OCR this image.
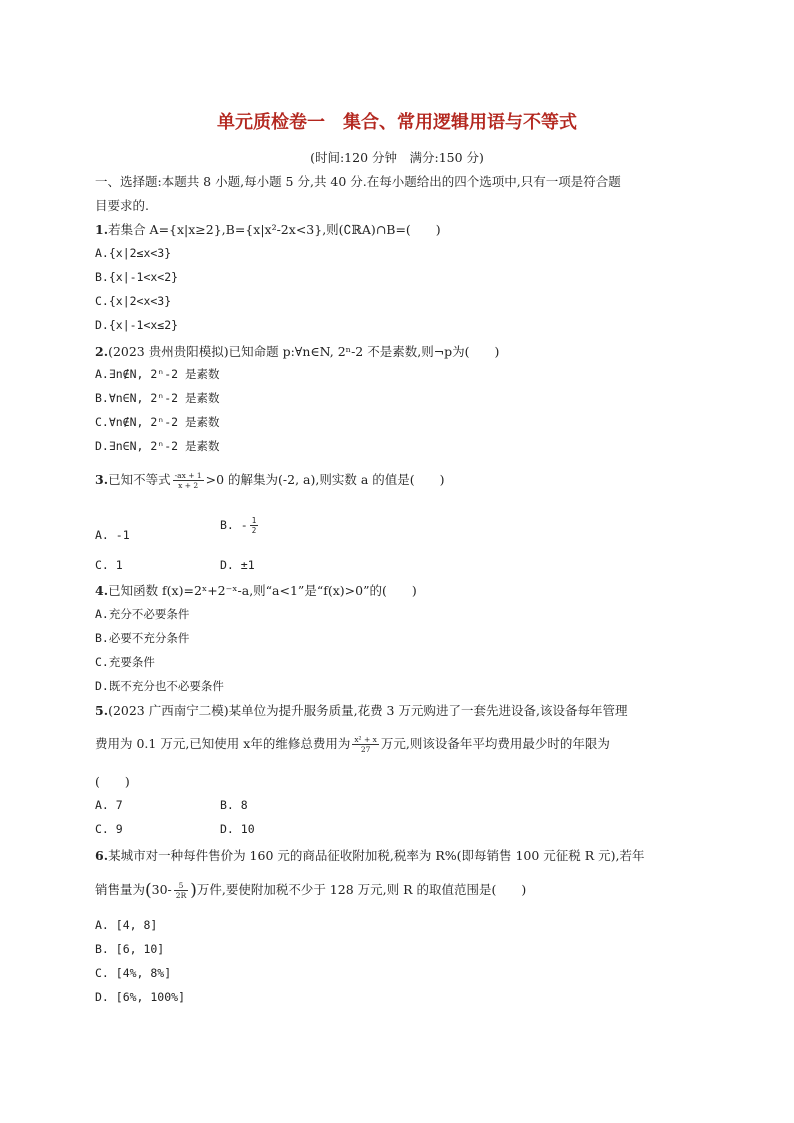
单元质检卷一　集合、常用逻辑用语与不等式
(时间:120 分钟　满分:150 分)
一、选择题:本题共 8 小题,每小题 5 分,共 40 分.在每小题给出的四个选项中,只有一项是符合题
目要求的.
1.若集合 A={x|x≥2},B={x|x²-2x<3},则(∁ℝA)∩B=(　　)
A.{x|2≤x<3}
B.{x|-1<x<2}
C.{x|2<x<3}
D.{x|-1<x≤2}
2.(2023 贵州贵阳模拟)已知命题 p:∀n∈N, 2ⁿ-2 不是素数,则¬p为(　　)
A.∃n∉N, 2ⁿ-2 是素数
B.∀n∈N, 2ⁿ-2 是素数
C.∀n∉N, 2ⁿ-2 是素数
D.∃n∈N, 2ⁿ-2 是素数
3.已知不等式 $\frac{-ax + 1}{x + 2} >0$ 的解集为(-2, a),则实数 a 的值是(　　)
A. -1
B. - $\frac{1}{2}$
C. 1	D. ±1
4.已知函数 f(x)=2ˣ+2⁻ˣ-a,则“a<1”是“f(x)>0”的(　　)
A.充分不必要条件
B.必要不充分条件
C.充要条件
D.既不充分也不必要条件
5.(2023 广西南宁二模)某单位为提升服务质量,花费 3 万元购进了一套先进设备,该设备每年管理
费用为 0.1 万元,已知使用 x年的维修总费用为 $\frac{\text{x² + x}}{27}$ 万元,则该设备年平均费用最少时的年限为
(　　)
A. 7	B. 8
C. 9	D. 10
6.某城市对一种每件售价为 160 元的商品征收附加税,税率为 R%(即每销售 100 元征税 R 元),若年
销售量为($30- \frac{5}{2R}$ )万件,要使附加税不少于 128 万元,则 R 的取值范围是(　　)
A. [4, 8]
B. [6, 10]
C. [4%, 8%]
D. [6%, 100%]
